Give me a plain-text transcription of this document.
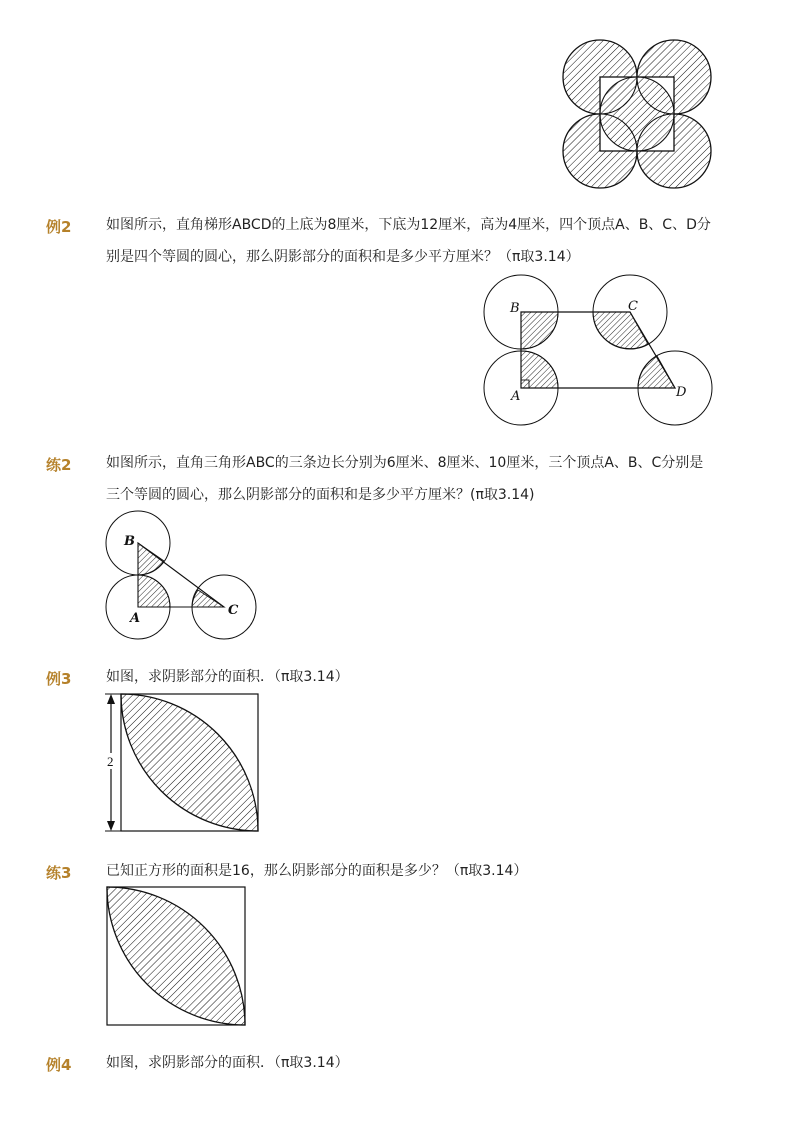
例2 如图所示，直角梯形ABCD的上底为8厘米，下底为12厘米，高为4厘米，四个顶点A、B、C、D分
别是四个等圆的圆心，那么阴影部分的面积和是多少平方厘米？（π取3.14）
B	C
A	D
练2 如图所示，直角三角形ABC的三条边长分别为6厘米、8厘米、10厘米，三个顶点A、B、C分别是
三个等圆的圆心，那么阴影部分的面积和是多少平方厘米？(π取3.14)
B
A
C
例3 如图，求阴影部分的面积．（π取3.14）
2
练3 已知正方形的面积是16，那么阴影部分的面积是多少？（π取3.14）
例4 如图，求阴影部分的面积．（π取3.14）
